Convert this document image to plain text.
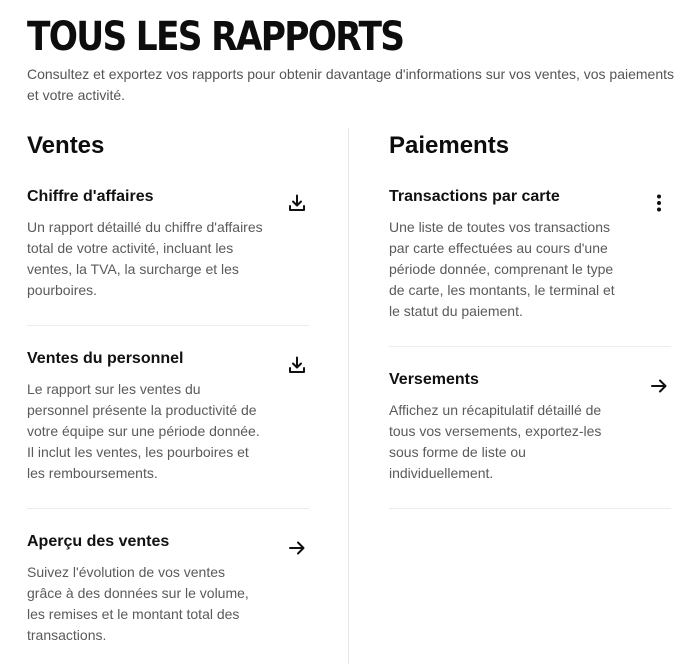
TOUS LES RAPPORTS

Consultez et exportez vos rapports pour obtenir davantage d'informations sur vos ventes, vos paiements et votre activité.

Ventes
Chiffre d'affaires

Un rapport détaillé du chiffre d'affaires total de votre activité, incluant les ventes, la TVA, la surcharge et les pourboires.

Ventes du personnel

Le rapport sur les ventes du personnel présente la productivité de votre équipe sur une période donnée. Il inclut les ventes, les pourboires et les remboursements.

Aperçu des ventes

Suivez l'évolution de vos ventes grâce à des données sur le volume, les remises et le montant total des transactions.

Paiements
Transactions par carte

Une liste de toutes vos transactions par carte effectuées au cours d'une période donnée, comprenant le type de carte, les montants, le terminal et le statut du paiement.

Versements

Affichez un récapitulatif détaillé de tous vos versements, exportez-les sous forme de liste ou individuellement.
